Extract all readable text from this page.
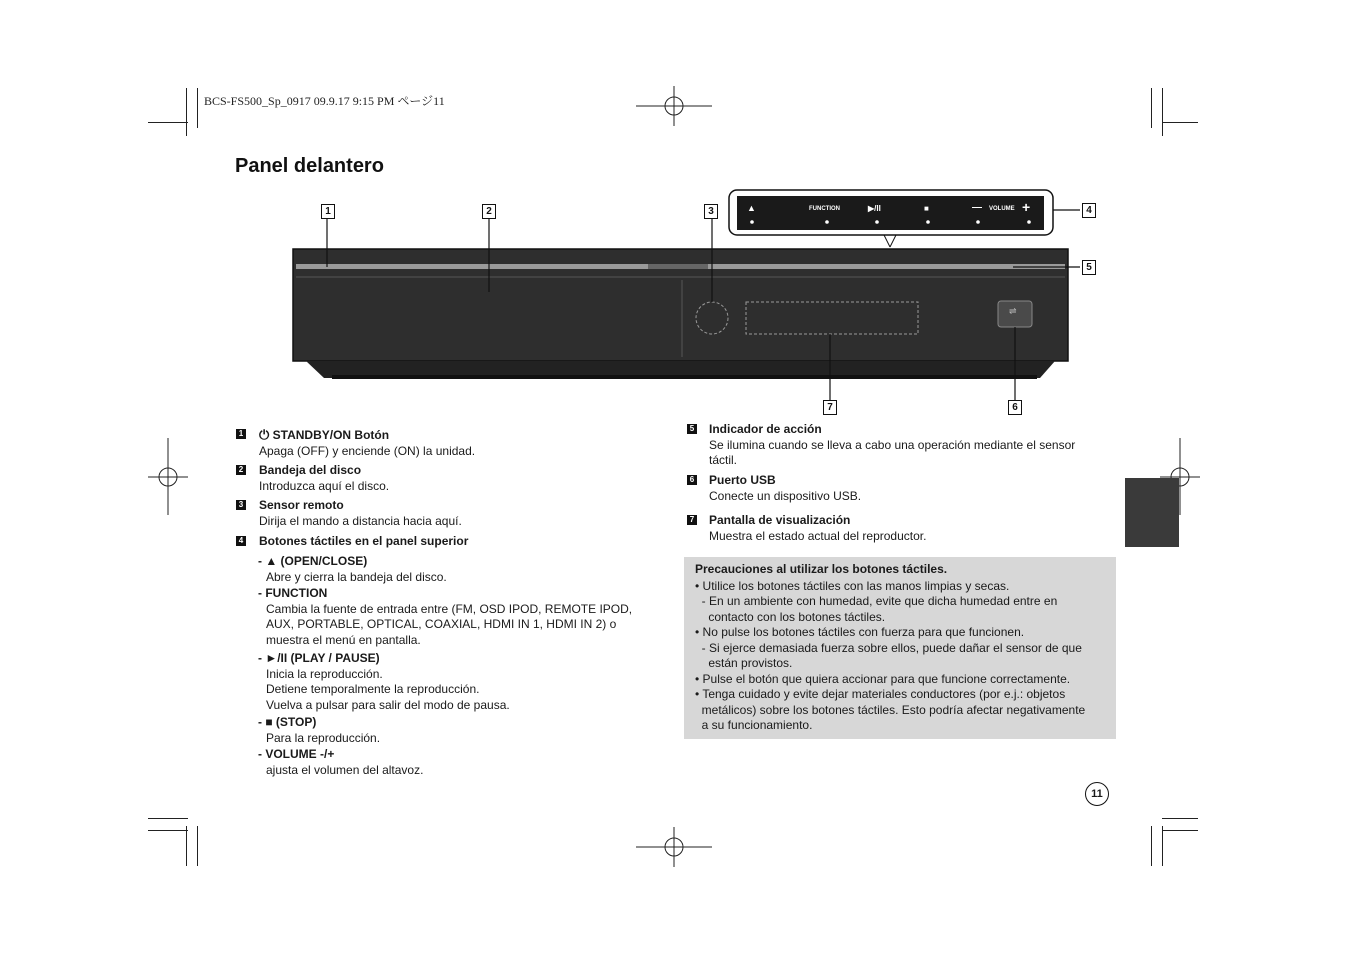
BCS-FS500_Sp_0917 09.9.17 9:15 PM ページ11
Panel delantero
▲	FUNCTION	▶/II	■	— VOLUME +
⇌
1	2	3	4
5
6
7
1 ⏻ STANDBY/ON Botón
Apaga (OFF) y enciende (ON) la unidad.
2 Bandeja del disco
Introduzca aquí el disco.
3 Sensor remoto
Dirija el mando a distancia hacia aquí.
4 Botones táctiles en el panel superior
- ▲ (OPEN/CLOSE)
Abre y cierra la bandeja del disco.
- FUNCTION
Cambia la fuente de entrada entre (FM, OSD IPOD, REMOTE IPOD,
AUX, PORTABLE, OPTICAL, COAXIAL, HDMI IN 1, HDMI IN 2) o
muestra el menú en pantalla.
- ►/II (PLAY / PAUSE)
Inicia la reproducción.
Detiene temporalmente la reproducción.
Vuelva a pulsar para salir del modo de pausa.
- ■ (STOP)
Para la reproducción.
- VOLUME -/+
ajusta el volumen del altavoz.
5 Indicador de acción
Se ilumina cuando se lleva a cabo una operación mediante el sensor
táctil.
6 Puerto USB
Conecte un dispositivo USB.
7 Pantalla de visualización
Muestra el estado actual del reproductor.

Precauciones al utilizar los botones táctiles.

• Utilice los botones táctiles con las manos limpias y secas.

- En un ambiente con humedad, evite que dicha humedad entre en

contacto con los botones táctiles.

• No pulse los botones táctiles con fuerza para que funcionen.

- Si ejerce demasiada fuerza sobre ellos, puede dañar el sensor de que

están provistos.

• Pulse el botón que quiera accionar para que funcione correctamente.

• Tenga cuidado y evite dejar materiales conductores (por e.j.: objetos

metálicos) sobre los botones táctiles. Esto podría afectar negativamente

a su funcionamiento.

11
